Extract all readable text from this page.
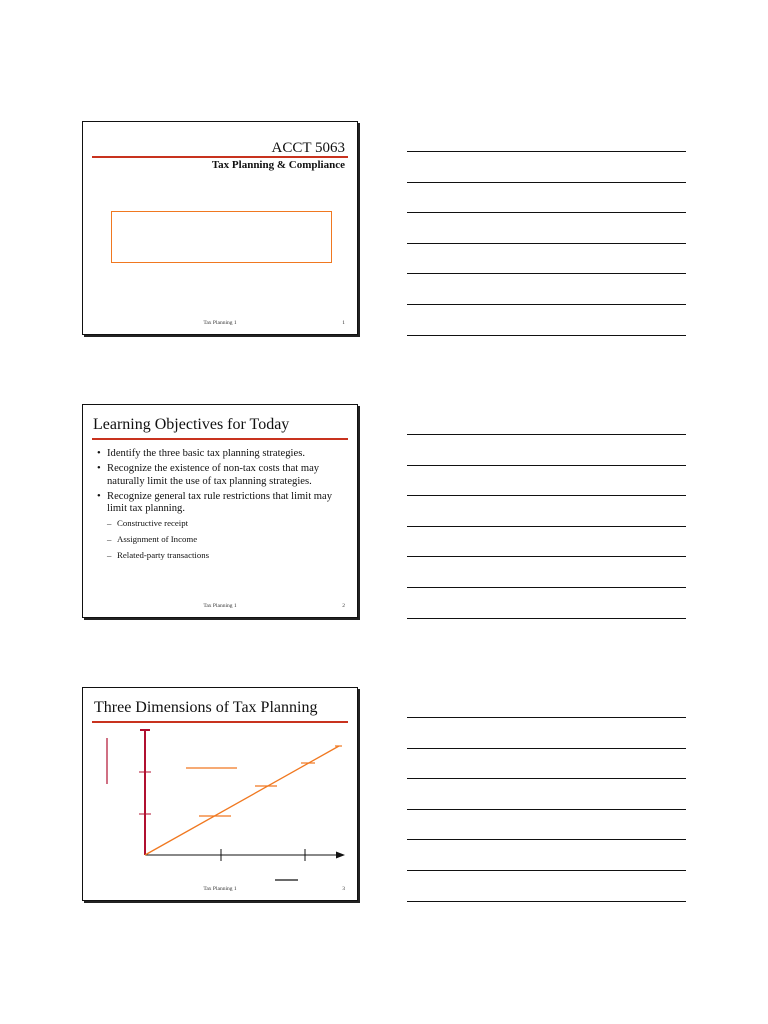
ACCT 5063
Tax Planning & Compliance
Tax Planning 1	1
Learning Objectives for Today
• Identify the three basic tax planning strategies.
• Recognize the existence of non-tax costs that may naturally limit the use of tax planning strategies.
• Recognize general tax rule restrictions that limit may limit tax planning.
– Constructive receipt
– Assignment of Income
– Related-party transactions
Tax Planning 1	2
Three Dimensions of Tax Planning
Tax Planning 1	3
